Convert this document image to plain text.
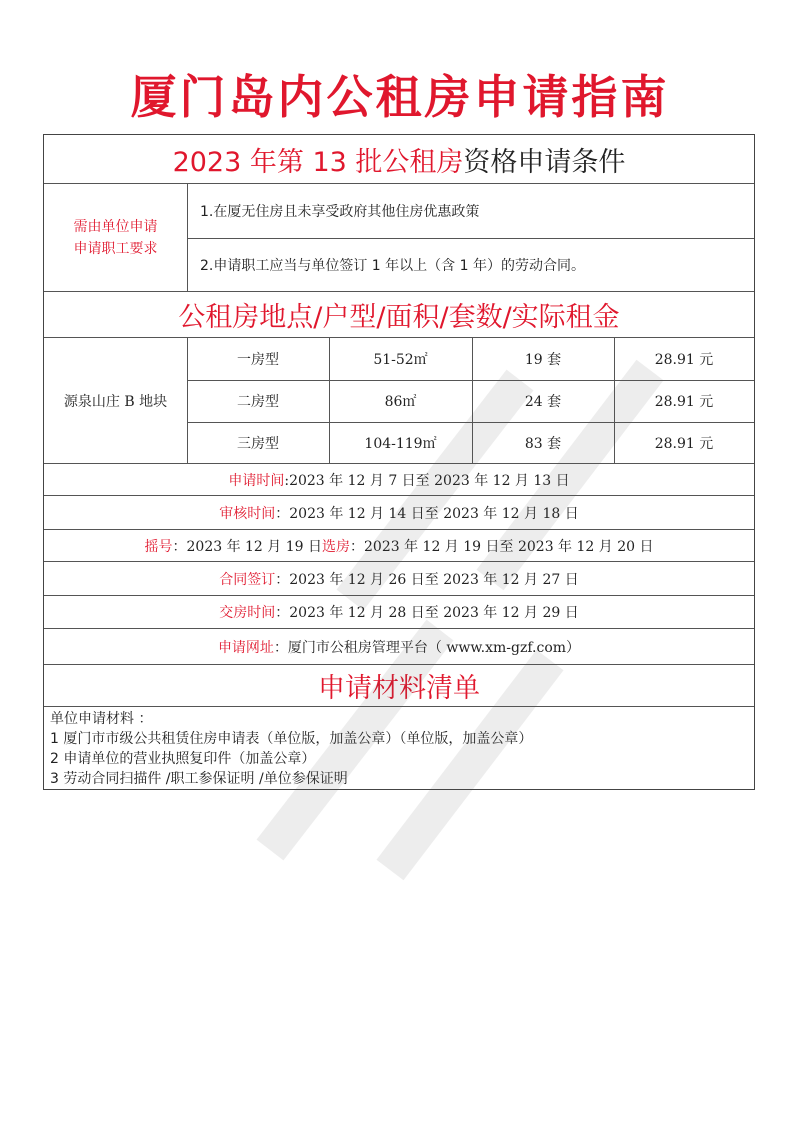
厦门岛内公租房申请指南
2023 年第 13 批公租房 资格申请条件
需由单位申请
申请职工要求
1.在厦无住房且未享受政府其他住房优惠政策
2.申请职工应当与单位签订 1 年以上（含 1 年）的劳动合同。
公租房地点/户型/面积/套数/实际租金
源泉山庄 B 地块
一房型	51-52㎡	19 套	28.91 元
二房型	86㎡	24 套	28.91 元
三房型	104-119㎡	83 套	28.91 元
申请时间 :2023 年 12 月 7 日至 2023 年 12 月 13 日
审核时间 ：2023 年 12 月 14 日至 2023 年 12 月 18 日
摇号 ：2023 年 12 月 19 日 选房 ：2023 年 12 月 19 日至 2023 年 12 月 20 日
合同签订 ：2023 年 12 月 26 日至 2023 年 12 月 27 日
交房时间 ：2023 年 12 月 28 日至 2023 年 12 月 29 日
申请网址 ：厦门市公租房管理平台（ www.xm-gzf.com）
申请材料清单
单位申请材料 ：
1 厦门市市级公共租赁住房申请表（单位版，加盖公章）（单位版，加盖公章）
2 申请单位的营业执照复印件（加盖公章）
3 劳动合同扫描件 /职工参保证明 /单位参保证明
